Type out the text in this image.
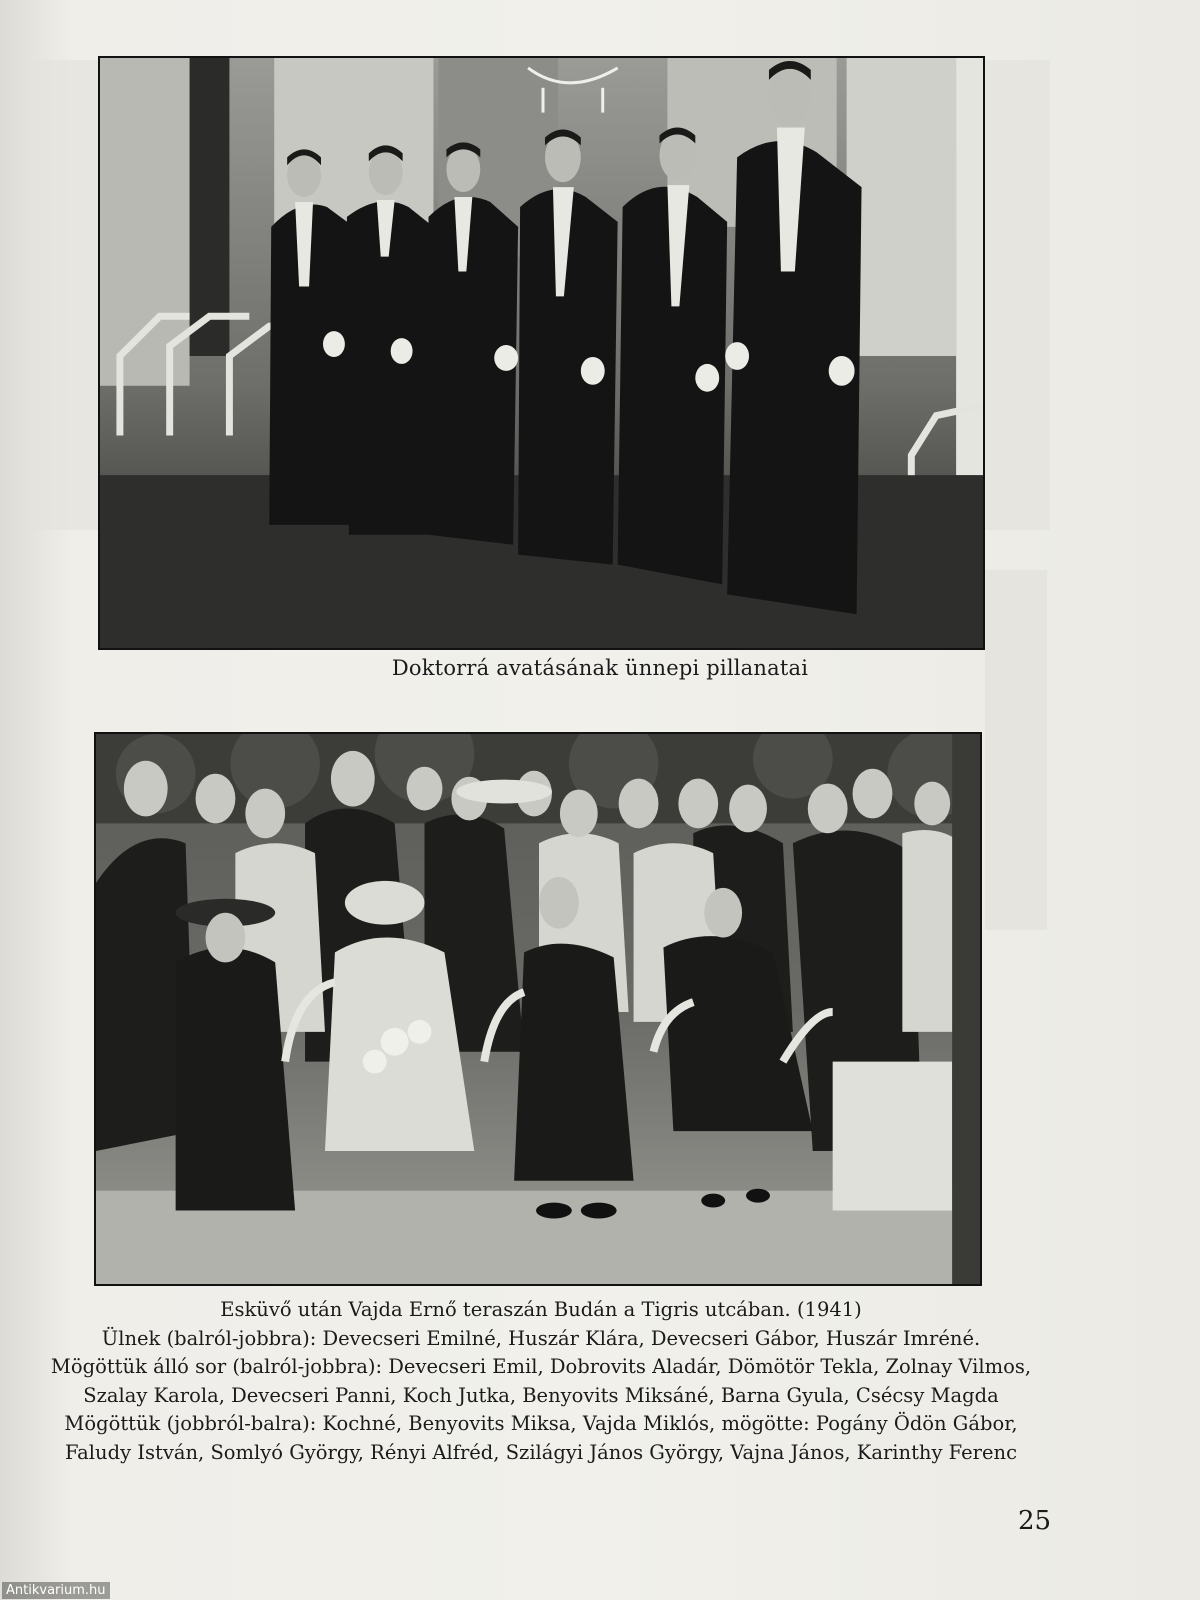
Doktorrá avatásának ünnepi pillanatai
Esküvő után Vajda Ernő teraszán Budán a Tigris utcában. (1941)
Ülnek (balról-jobbra): Devecseri Emilné, Huszár Klára, Devecseri Gábor, Huszár Imréné.
Mögöttük álló sor (balról-jobbra): Devecseri Emil, Dobrovits Aladár, Dömötör Tekla, Zolnay Vilmos,
Szalay Karola, Devecseri Panni, Koch Jutka, Benyovits Miksáné, Barna Gyula, Csécsy Magda
Mögöttük (jobbról-balra): Kochné, Benyovits Miksa, Vajda Miklós, mögötte: Pogány Ödön Gábor,
Faludy István, Somlyó György, Rényi Alfréd, Szilágyi János György, Vajna János, Karinthy Ferenc
25
Antikvarium.hu
